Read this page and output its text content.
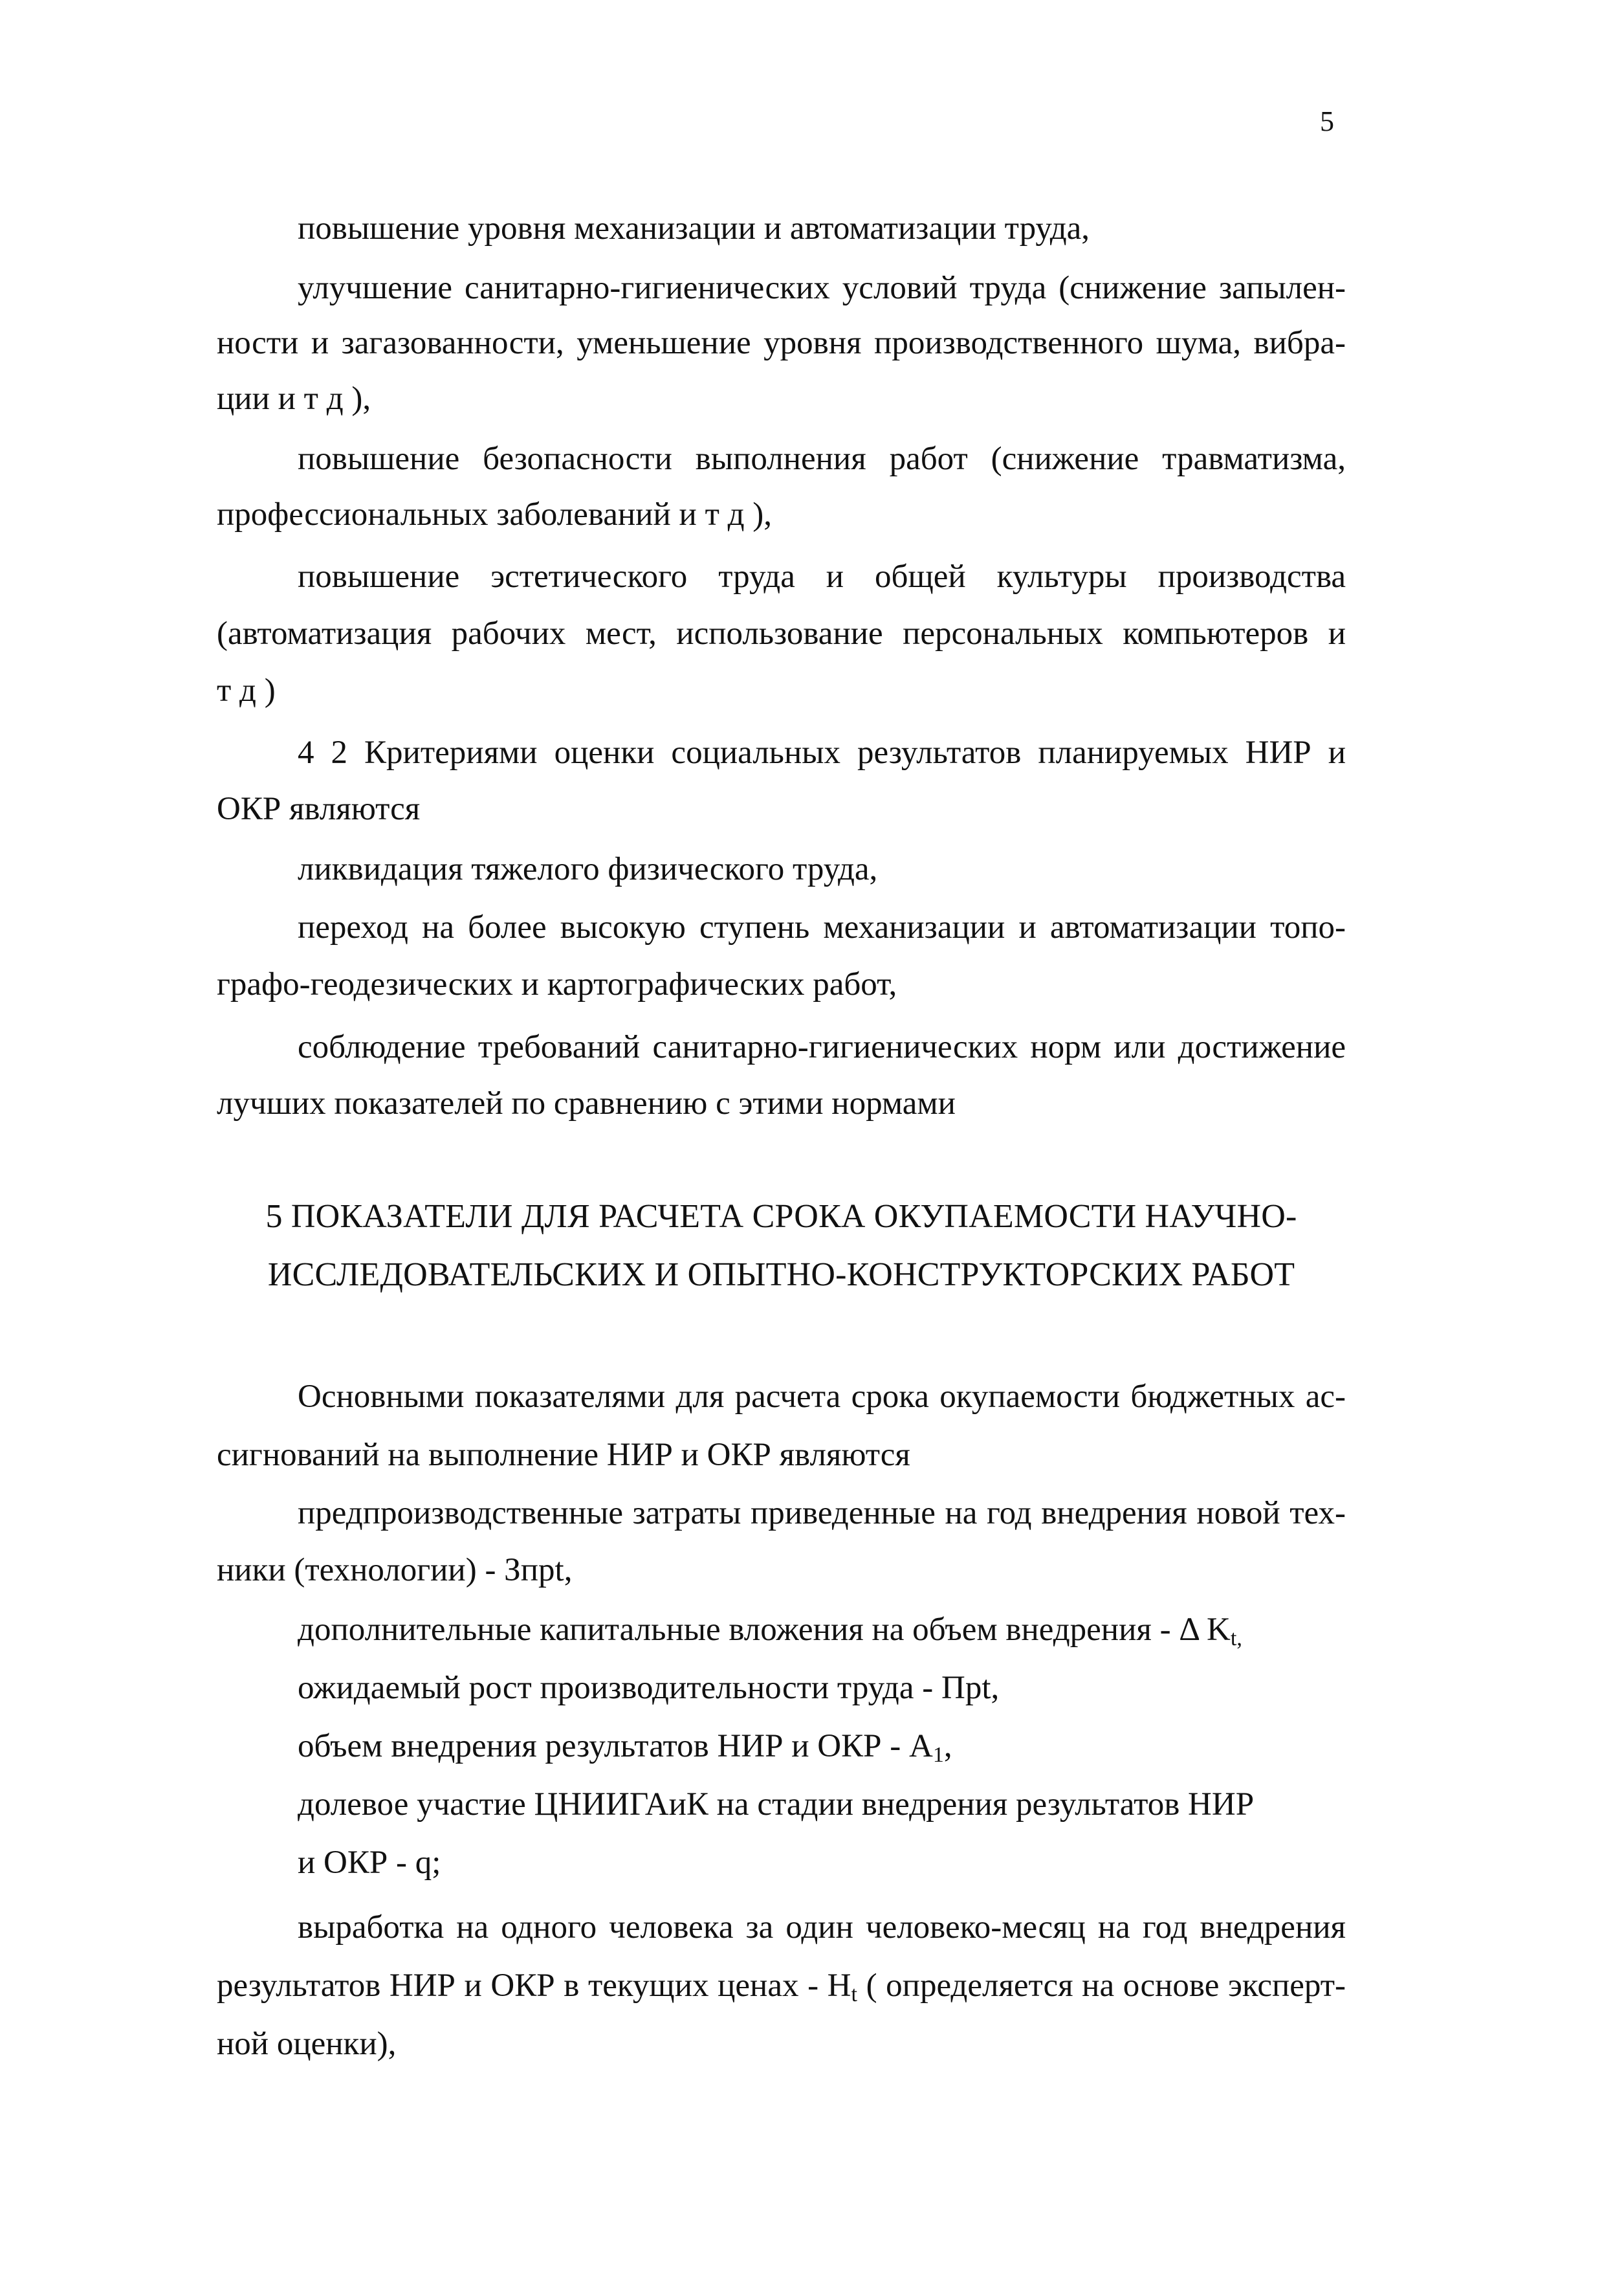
5
повышение уровня механизации и автоматизации труда,
улучшение санитарно-гигиенических условий труда (снижение запылен-
ности и загазованности, уменьшение уровня производственного шума, вибра-
ции и т д ),
повышение безопасности выполнения работ (снижение травматизма,
профессиональных заболеваний и т д ),
повышение эстетического труда и общей культуры производства
(автоматизация рабочих мест, использование персональных компьютеров и
т д )
4 2 Критериями оценки социальных результатов планируемых НИР и
ОКР являются
ликвидация тяжелого физического труда,
переход на более высокую ступень механизации и автоматизации топо-
графо-геодезических и картографических работ,
соблюдение требований санитарно-гигиенических норм или достижение
лучших показателей по сравнению с этими нормами
5 ПОКАЗАТЕЛИ ДЛЯ РАСЧЕТА СРОКА ОКУПАЕМОСТИ НАУЧНО-
ИССЛЕДОВАТЕЛЬСКИХ И ОПЫТНО-КОНСТРУКТОРСКИХ РАБОТ
Основными показателями для расчета срока окупаемости бюджетных ас-
сигнований на выполнение НИР и ОКР являются
предпроизводственные затраты приведенные на год внедрения новой тех-
ники (технологии) - Зпрt,
дополнительные капитальные вложения на объем внедрения - Δ $K_{t,}$
ожидаемый рост производительности труда - Пpt,
объем внедрения результатов НИР и ОКР - $A_1$,
долевое участие ЦНИИГАиК на стадии внедрения результатов НИР
и ОКР - q;
выработка на одного человека за один человеко-месяц на год внедрения
результатов НИР и ОКР в текущих ценах - $H_t$ ( определяется на основе эксперт-
ной оценки),
